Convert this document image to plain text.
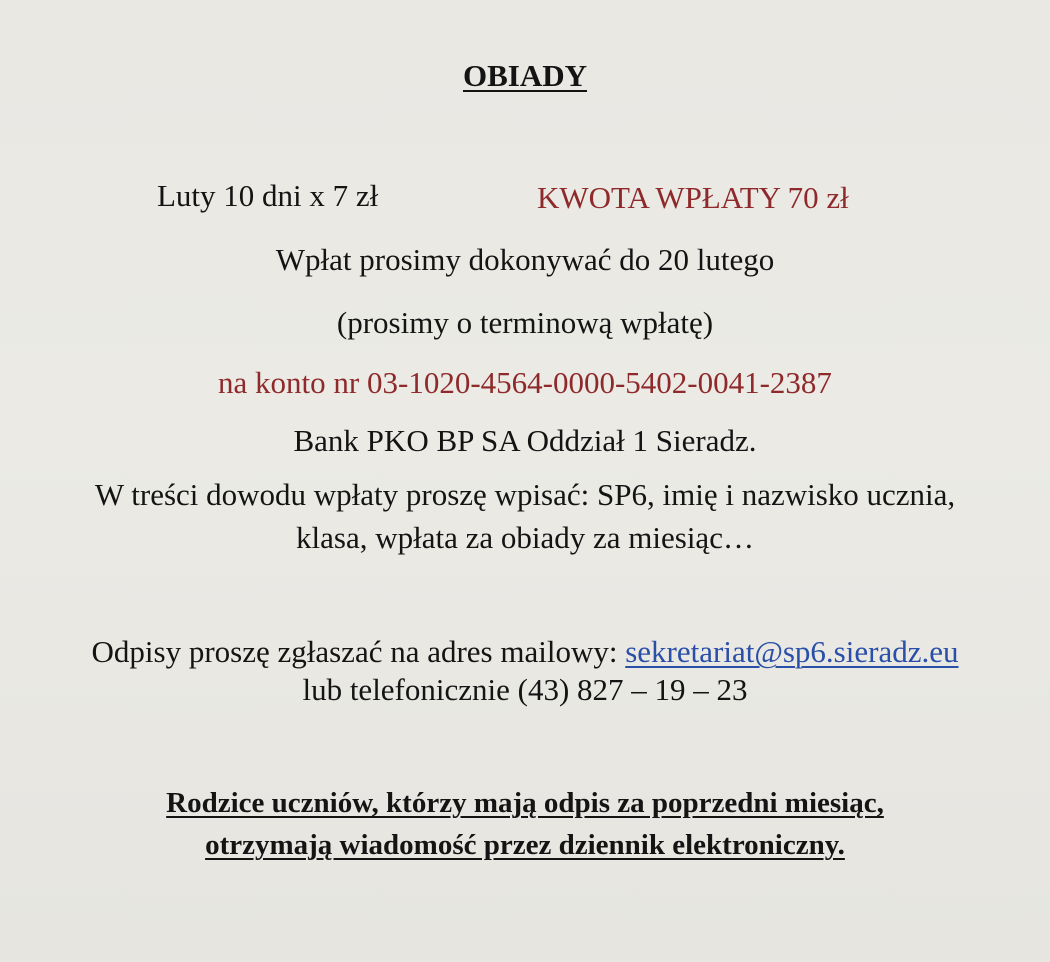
OBIADY
Luty 10 dni x 7 zł	KWOTA WPŁATY 70 zł
Wpłat prosimy dokonywać do 20 lutego
(prosimy o terminową wpłatę)
na konto nr 03-1020-4564-0000-5402-0041-2387
Bank PKO BP SA Oddział 1 Sieradz.
W treści dowodu wpłaty proszę wpisać: SP6, imię i nazwisko ucznia,
klasa, wpłata za obiady za miesiąc…
Odpisy proszę zgłaszać na adres mailowy: sekretariat@sp6.sieradz.eu
lub telefonicznie (43) 827 – 19 – 23
Rodzice uczniów, którzy mają odpis za poprzedni miesiąc,
otrzymają wiadomość przez dziennik elektroniczny.
